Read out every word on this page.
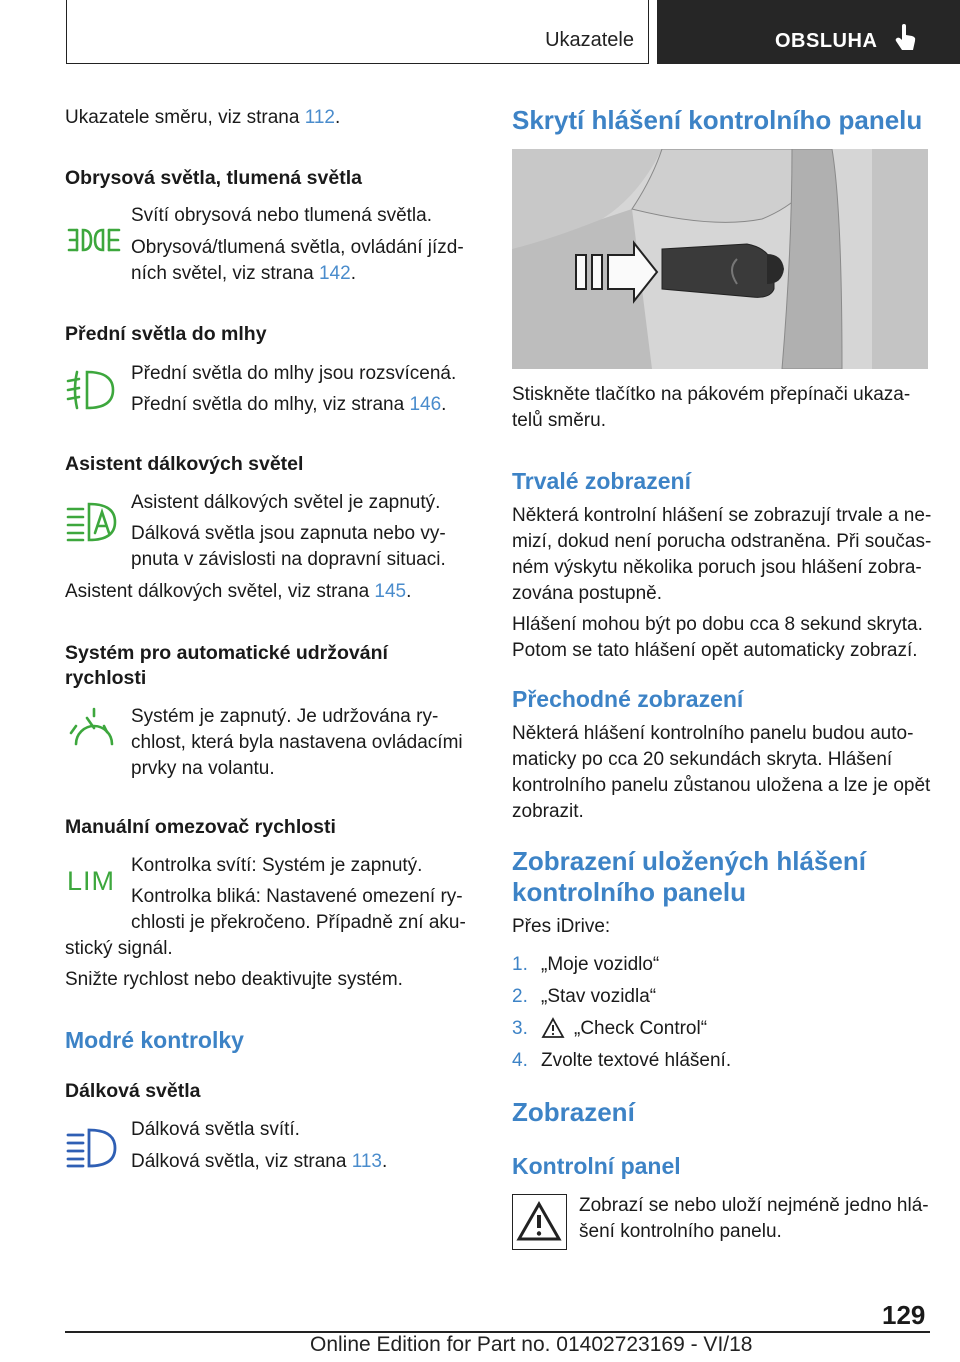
Ukazatele	OBSLUHA

Ukazatele směru, viz strana 112.

Obrysová světla, tlumená světla

Svítí obrysová nebo tlumená světla.

Obrysová/tlumená světla, ovládání jízd-

ních světel, viz strana 142.

Přední světla do mlhy

Přední světla do mlhy jsou rozsvícená.

Přední světla do mlhy, viz strana 146.

Asistent dálkových světel

Asistent dálkových světel je zapnutý.

Dálková světla jsou zapnuta nebo vy-

pnuta v závislosti na dopravní situaci.

Asistent dálkových světel, viz strana 145.

Systém pro automatické udržování
rychlosti

Systém je zapnutý. Je udržována ry-

chlost, která byla nastavena ovládacími

prvky na volantu.

Manuální omezovač rychlosti
LIM

Kontrolka svítí: Systém je zapnutý.

Kontrolka bliká: Nastavené omezení ry-

chlosti je překročeno. Případně zní aku-

stický signál.

Snižte rychlost nebo deaktivujte systém.

Modré kontrolky
Dálková světla

Dálková světla svítí.

Dálková světla, viz strana 113.

Skrytí hlášení kontrolního panelu

Stiskněte tlačítko na pákovém přepínači ukaza-

telů směru.

Trvalé zobrazení

Některá kontrolní hlášení se zobrazují trvale a ne-

mizí, dokud není porucha odstraněna. Při součas-

ném výskytu několika poruch jsou hlášení zobra-

zována postupně.

Hlášení mohou být po dobu cca 8 sekund skryta.

Potom se tato hlášení opět automaticky zobrazí.

Přechodné zobrazení

Některá hlášení kontrolního panelu budou auto-

maticky po cca 20 sekundách skryta. Hlášení

kontrolního panelu zůstanou uložena a lze je opět

zobrazit.

Zobrazení uložených hlášení
kontrolního panelu

Přes iDrive:

1. „Moje vozidlo“

2. „Stav vozidla“

3. „Check Control“

4. Zvolte textové hlášení.

Zobrazení
Kontrolní panel

Zobrazí se nebo uloží nejméně jedno hlá-

šení kontrolního panelu.

129
Online Edition for Part no. 01402723169 - VI/18
